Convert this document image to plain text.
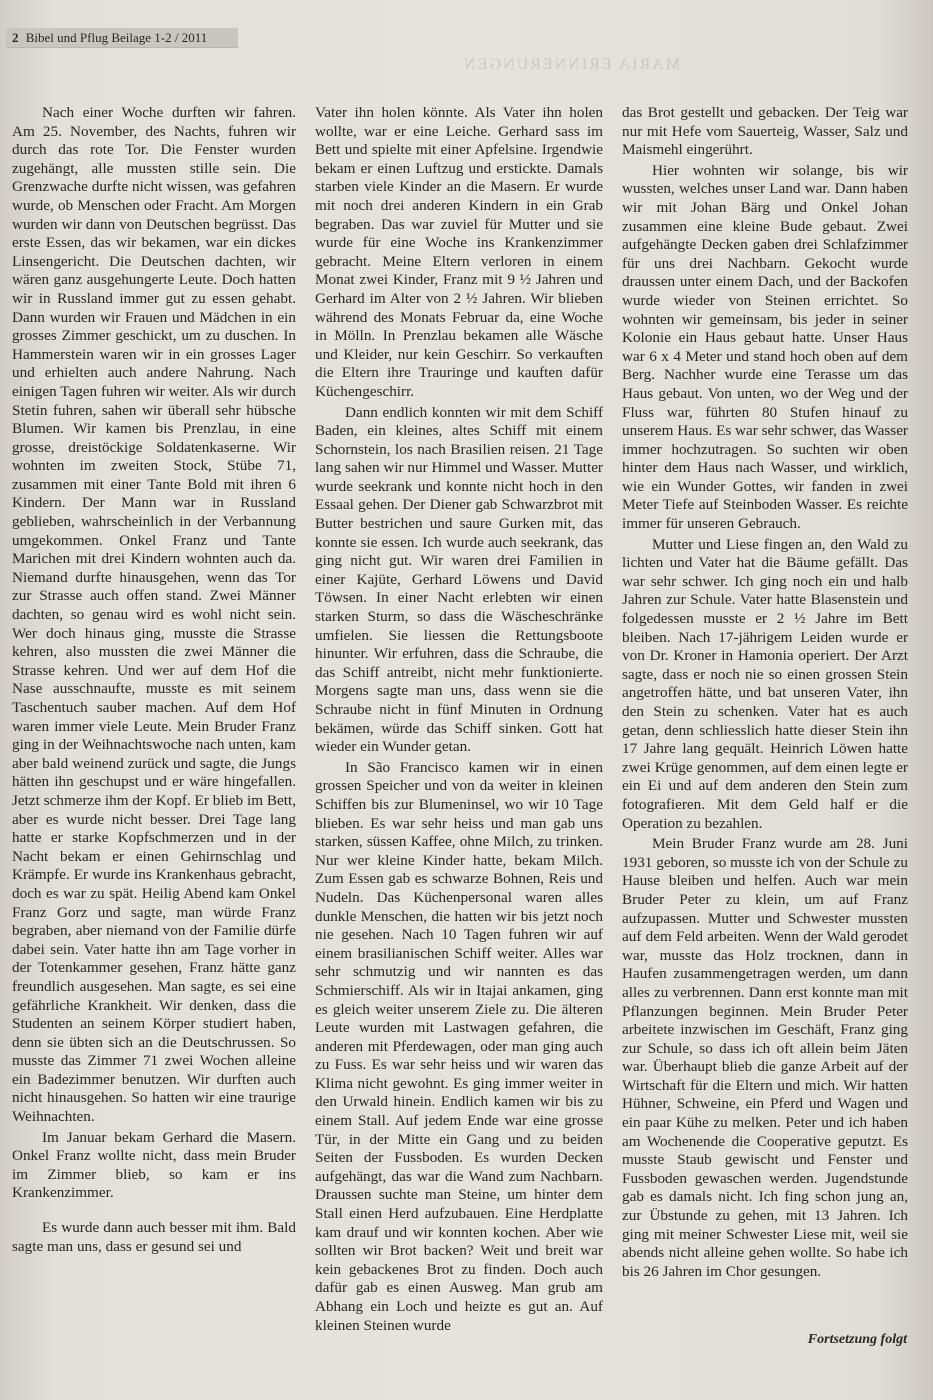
2 Bibel und Pflug Beilage 1-2 / 2011
MARIA ERINNERUNGEN

Nach einer Woche durften wir fahren. Am 25. November, des Nachts, fuhren wir durch das rote Tor. Die Fenster wurden zugehängt, alle mussten stille sein. Die Grenzwache durfte nicht wissen, was gefahren wurde, ob Menschen oder Fracht. Am Morgen wurden wir dann von Deutschen begrüsst. Das erste Essen, das wir bekamen, war ein dickes Linsengericht. Die Deutschen dachten, wir wären ganz ausgehungerte Leute. Doch hatten wir in Russland immer gut zu essen gehabt. Dann wurden wir Frauen und Mädchen in ein grosses Zimmer geschickt, um zu duschen. In Hammerstein waren wir in ein grosses Lager und erhielten auch andere Nahrung. Nach einigen Tagen fuhren wir weiter. Als wir durch Stetin fuhren, sahen wir überall sehr hübsche Blumen. Wir kamen bis Prenzlau, in eine grosse, dreistöckige Soldatenkaserne. Wir wohnten im zweiten Stock, Stübe 71, zusammen mit einer Tante Bold mit ihren 6 Kindern. Der Mann war in Russland geblieben, wahrscheinlich in der Verbannung umgekommen. Onkel Franz und Tante Marichen mit drei Kindern wohnten auch da. Niemand durfte hinausgehen, wenn das Tor zur Strasse auch offen stand. Zwei Männer dachten, so genau wird es wohl nicht sein. Wer doch hinaus ging, musste die Strasse kehren, also mussten die zwei Männer die Strasse kehren. Und wer auf dem Hof die Nase ausschnaufte, musste es mit seinem Taschentuch sauber machen. Auf dem Hof waren immer viele Leute. Mein Bruder Franz ging in der Weihnachtswoche nach unten, kam aber bald weinend zurück und sagte, die Jungs hätten ihn geschupst und er wäre hingefallen. Jetzt schmerze ihm der Kopf. Er blieb im Bett, aber es wurde nicht besser. Drei Tage lang hatte er starke Kopfschmerzen und in der Nacht bekam er einen Gehirnschlag und Krämpfe. Er wurde ins Krankenhaus gebracht, doch es war zu spät. Heilig Abend kam Onkel Franz Gorz und sagte, man würde Franz begraben, aber niemand von der Familie dürfe dabei sein. Vater hatte ihn am Tage vorher in der Totenkammer gesehen, Franz hätte ganz freundlich ausgesehen. Man sagte, es sei eine gefährliche Krankheit. Wir denken, dass die Studenten an seinem Körper studiert haben, denn sie übten sich an die Deutschrussen. So musste das Zimmer 71 zwei Wochen alleine ein Badezimmer benutzen. Wir durften auch nicht hinausgehen. So hatten wir eine traurige Weihnachten.

Im Januar bekam Gerhard die Masern. Onkel Franz wollte nicht, dass mein Bruder im Zimmer blieb, so kam er ins Krankenzimmer.

Es wurde dann auch besser mit ihm. Bald sagte man uns, dass er gesund sei und

Vater ihn holen könnte. Als Vater ihn holen wollte, war er eine Leiche. Gerhard sass im Bett und spielte mit einer Apfelsine. Irgendwie bekam er einen Luftzug und erstickte. Damals starben viele Kinder an die Masern. Er wurde mit noch drei anderen Kindern in ein Grab begraben. Das war zuviel für Mutter und sie wurde für eine Woche ins Krankenzimmer gebracht. Meine Eltern verloren in einem Monat zwei Kinder, Franz mit 9 ½ Jahren und Gerhard im Alter von 2 ½ Jahren. Wir blieben während des Monats Februar da, eine Woche in Mölln. In Prenzlau bekamen alle Wäsche und Kleider, nur kein Geschirr. So verkauften die Eltern ihre Trauringe und kauften dafür Küchengeschirr.

Dann endlich konnten wir mit dem Schiff Baden, ein kleines, altes Schiff mit einem Schornstein, los nach Brasilien reisen. 21 Tage lang sahen wir nur Himmel und Wasser. Mutter wurde seekrank und konnte nicht hoch in den Essaal gehen. Der Diener gab Schwarzbrot mit Butter bestrichen und saure Gurken mit, das konnte sie essen. Ich wurde auch seekrank, das ging nicht gut. Wir waren drei Familien in einer Kajüte, Gerhard Löwens und David Töwsen. In einer Nacht erlebten wir einen starken Sturm, so dass die Wäscheschränke umfielen. Sie liessen die Rettungsboote hinunter. Wir erfuhren, dass die Schraube, die das Schiff antreibt, nicht mehr funktionierte. Morgens sagte man uns, dass wenn sie die Schraube nicht in fünf Minuten in Ordnung bekämen, würde das Schiff sinken. Gott hat wieder ein Wunder getan.

In São Francisco kamen wir in einen grossen Speicher und von da weiter in kleinen Schiffen bis zur Blumeninsel, wo wir 10 Tage blieben. Es war sehr heiss und man gab uns starken, süssen Kaffee, ohne Milch, zu trinken. Nur wer kleine Kinder hatte, bekam Milch. Zum Essen gab es schwarze Bohnen, Reis und Nudeln. Das Küchenpersonal waren alles dunkle Menschen, die hatten wir bis jetzt noch nie gesehen. Nach 10 Tagen fuhren wir auf einem brasilianischen Schiff weiter. Alles war sehr schmutzig und wir nannten es das Schmierschiff. Als wir in Itajai ankamen, ging es gleich weiter unserem Ziele zu. Die älteren Leute wurden mit Lastwagen gefahren, die anderen mit Pferdewagen, oder man ging auch zu Fuss. Es war sehr heiss und wir waren das Klima nicht gewohnt. Es ging immer weiter in den Urwald hinein. Endlich kamen wir bis zu einem Stall. Auf jedem Ende war eine grosse Tür, in der Mitte ein Gang und zu beiden Seiten der Fussboden. Es wurden Decken aufgehängt, das war die Wand zum Nachbarn. Draussen suchte man Steine, um hinter dem Stall einen Herd aufzubauen. Eine Herdplatte kam drauf und wir konnten kochen. Aber wie sollten wir Brot backen? Weit und breit war kein gebackenes Brot zu finden. Doch auch dafür gab es einen Ausweg. Man grub am Abhang ein Loch und heizte es gut an. Auf kleinen Steinen wurde

das Brot gestellt und gebacken. Der Teig war nur mit Hefe vom Sauerteig, Wasser, Salz und Maismehl eingerührt.

Hier wohnten wir solange, bis wir wussten, welches unser Land war. Dann haben wir mit Johan Bärg und Onkel Johan zusammen eine kleine Bude gebaut. Zwei aufgehängte Decken gaben drei Schlafzimmer für uns drei Nachbarn. Gekocht wurde draussen unter einem Dach, und der Backofen wurde wieder von Steinen errichtet. So wohnten wir gemeinsam, bis jeder in seiner Kolonie ein Haus gebaut hatte. Unser Haus war 6 x 4 Meter und stand hoch oben auf dem Berg. Nachher wurde eine Terasse um das Haus gebaut. Von unten, wo der Weg und der Fluss war, führten 80 Stufen hinauf zu unserem Haus. Es war sehr schwer, das Wasser immer hochzutragen. So suchten wir oben hinter dem Haus nach Wasser, und wirklich, wie ein Wunder Gottes, wir fanden in zwei Meter Tiefe auf Steinboden Wasser. Es reichte immer für unseren Gebrauch.

Mutter und Liese fingen an, den Wald zu lichten und Vater hat die Bäume gefällt. Das war sehr schwer. Ich ging noch ein und halb Jahren zur Schule. Vater hatte Blasenstein und folgedessen musste er 2 ½ Jahre im Bett bleiben. Nach 17-jährigem Leiden wurde er von Dr. Kroner in Hamonia operiert. Der Arzt sagte, dass er noch nie so einen grossen Stein angetroffen hätte, und bat unseren Vater, ihn den Stein zu schenken. Vater hat es auch getan, denn schliesslich hatte dieser Stein ihn 17 Jahre lang gequält. Heinrich Löwen hatte zwei Krüge genommen, auf dem einen legte er ein Ei und auf dem anderen den Stein zum fotografieren. Mit dem Geld half er die Operation zu bezahlen.

Mein Bruder Franz wurde am 28. Juni 1931 geboren, so musste ich von der Schule zu Hause bleiben und helfen. Auch war mein Bruder Peter zu klein, um auf Franz aufzupassen. Mutter und Schwester mussten auf dem Feld arbeiten. Wenn der Wald gerodet war, musste das Holz trocknen, dann in Haufen zusammengetragen werden, um dann alles zu verbrennen. Dann erst konnte man mit Pflanzungen beginnen. Mein Bruder Peter arbeitete inzwischen im Geschäft, Franz ging zur Schule, so dass ich oft allein beim Jäten war. Überhaupt blieb die ganze Arbeit auf der Wirtschaft für die Eltern und mich. Wir hatten Hühner, Schweine, ein Pferd und Wagen und ein paar Kühe zu melken. Peter und ich haben am Wochenende die Cooperative geputzt. Es musste Staub gewischt und Fenster und Fussboden gewaschen werden. Jugendstunde gab es damals nicht. Ich fing schon jung an, zur Übstunde zu gehen, mit 13 Jahren. Ich ging mit meiner Schwester Liese mit, weil sie abends nicht alleine gehen wollte. So habe ich bis 26 Jahren im Chor gesungen.

Fortsetzung folgt
